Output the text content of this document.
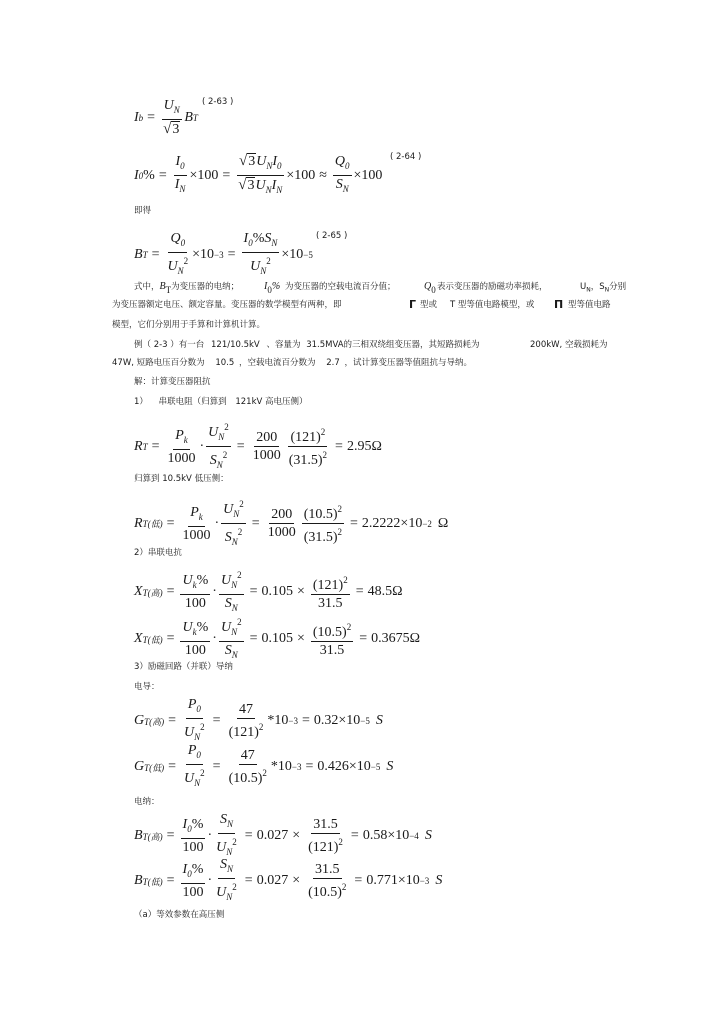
I $b = \frac{U_N}{√ 3}$ B T
( 2-63 )
I 0 % = $\frac{I_0}{I_N} \times 100 = \frac{√ 3 U_NI_0}{√ 3 U_NI_N} \times 100 \approx \frac{Q_0}{S_N} \times 100$
( 2-64 )
即得
B $T = \frac{Q_0}{U_N^2} \times 10 -3 = \frac{I_0\%S_N}{U_N^2} \times 10 -5$
( 2-65 )
式中，BT为变压器的电纳； I0% 为变压器的空载电流百分值；	Q0 表示变压器的励磁功率损耗，	$U_N$，$S_N$分别
为变压器额定电压、额定容量。变压器的数学模型有两种，即	Γ 型或 T 型等值电路模型，或 Π 型等值电路
模型，它们分别用于手算和计算机计算。
例（ 2-3 ）有一台 121/10.5kV 、容量为 31.5MVA的三相双绕组变压器，其短路损耗为	200kW, 空载损耗为
47W, 短路电压百分数为 10.5 ，空载电流百分数为 2.7 ，试计算变压器等值阻抗与导纳。
解：计算变压器阻抗
1） 串联电阻（归算到 121kV 高电压侧）
R $T = \frac{P_k}{1000} \cdot \frac{U_N^2}{S_N^2} = \frac{200}{1000} \frac{(121)^2}{(31.5)^2} = 2.95\Omega$
归算到 10.5kV 低压侧：
R T(低) = $\frac{P_k}{1000} \cdot \frac{U_N^2}{S_N^2} = \frac{200}{1000} \frac{(10.5)^2}{(31.5)^2} = 2.2222\times 10 -2$ Ω
2）串联电抗
X T(高) = $\frac{U_k\%}{100} \cdot \frac{U_N^2}{S_N} = 0.105 \times \frac{(121)^2}{31.5} = 48.5\Omega$
X T(低) = $\frac{U_k\%}{100} \cdot \frac{U_N^2}{S_N} = 0.105 \times \frac{(10.5)^2}{31.5} = 0.3675\Omega$
3）励磁回路（并联）导纳
电导：
G T(高) = $\frac{P_0}{U_N^2} = \frac{47}{(121)^2} *10 -3 = 0.32\times 10 -5$ S
G T(低) = $\frac{P_0}{U_N^2} = \frac{47}{(10.5)^2} *10 -3 = 0.426\times 10 -5$ S
电纳：
B T(高) = $\frac{I_0\%}{100} \cdot \frac{S_N}{U_N^2} = 0.027 \times \frac{31.5}{(121)^2} = 0.58\times 10 -4$ S
B T(低) = $\frac{I_0\%}{100} \cdot \frac{S_N}{U_N^2} = 0.027 \times \frac{31.5}{(10.5)^2} = 0.771\times 10 -3$ S
（a）等效参数在高压侧
